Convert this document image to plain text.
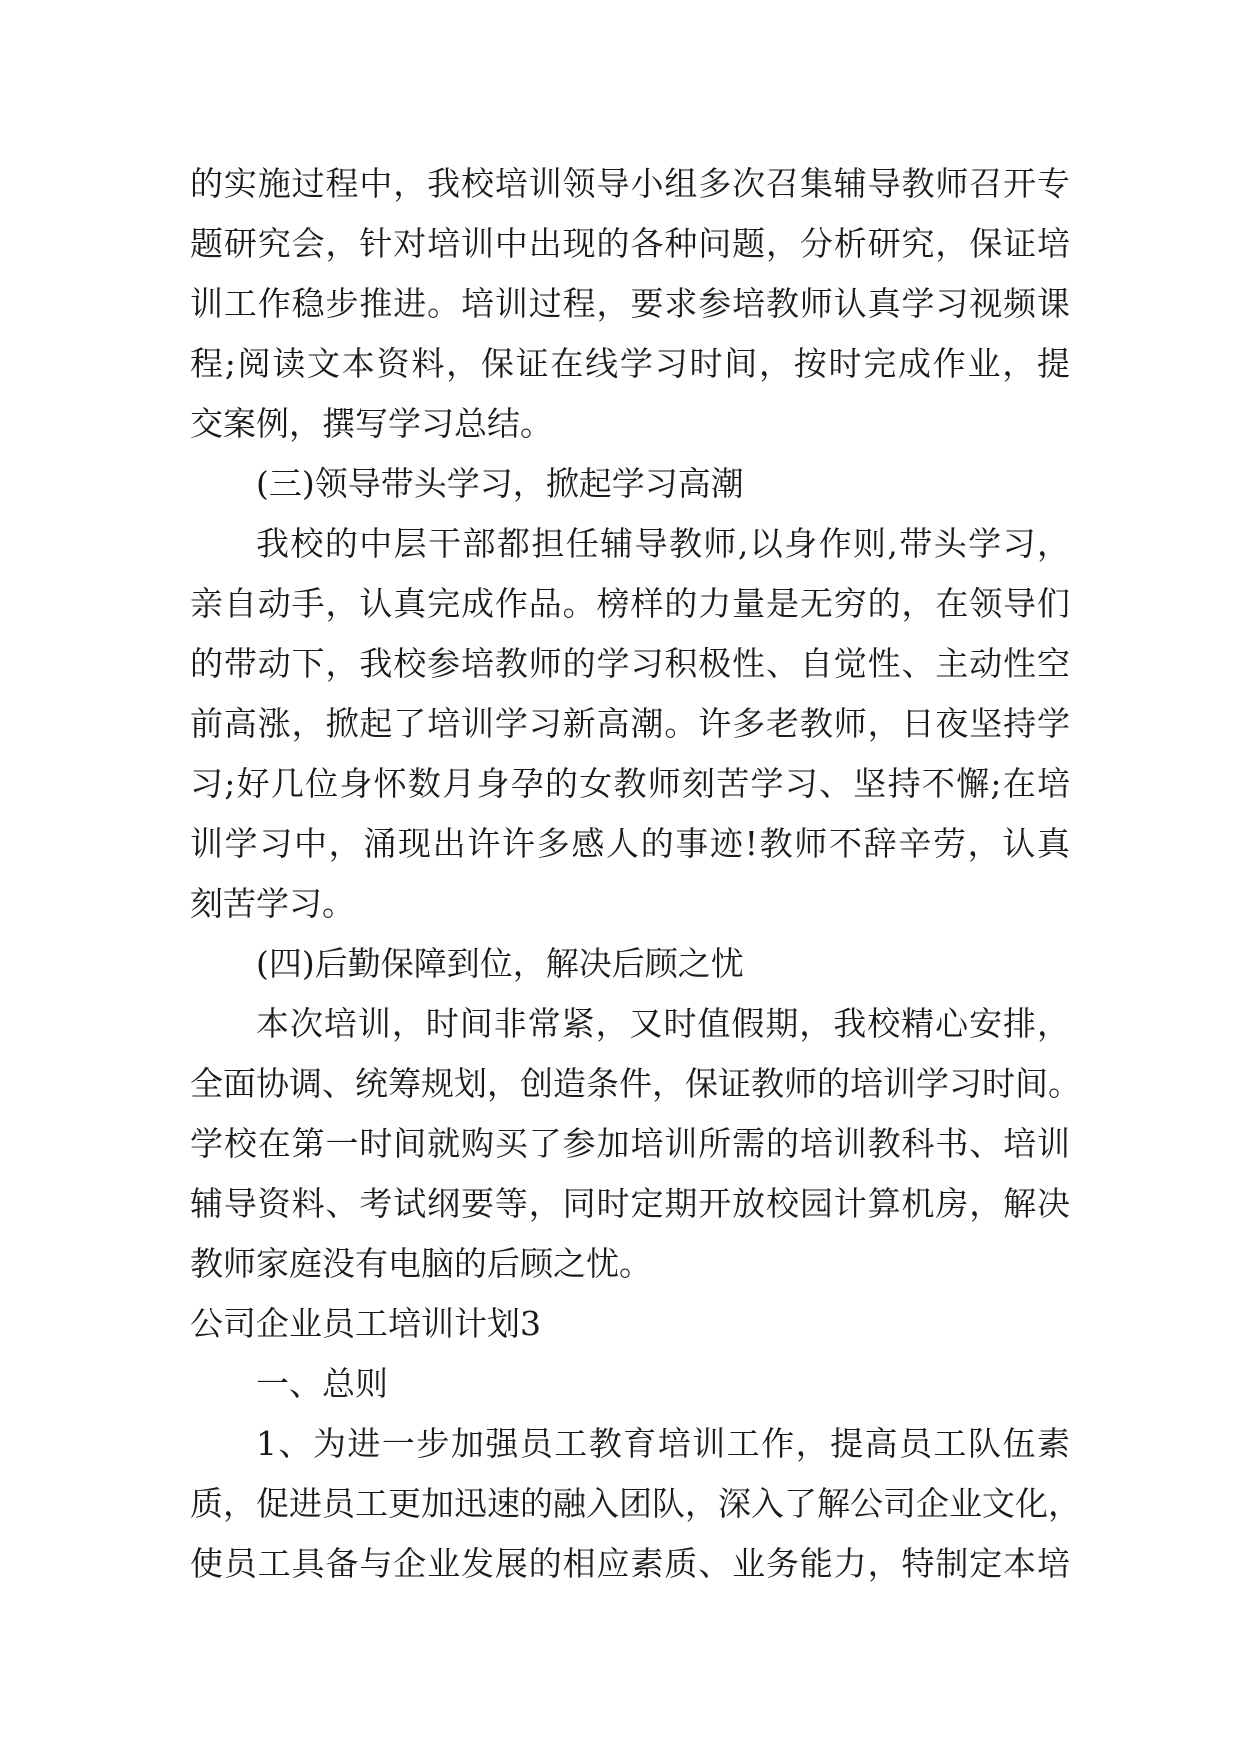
的实施过程中，我校培训领导小组多次召集辅导教师召开专
题研究会，针对培训中出现的各种问题，分析研究，保证培
训工作稳步推进。培训过程，要求参培教师认真学习视频课
程;阅读文本资料，保证在线学习时间，按时完成作业，提
交案例，撰写学习总结。
(三)领导带头学习，掀起学习高潮
我校的中层干部都担任辅导教师,以身作则,带头学习，
亲自动手，认真完成作品。榜样的力量是无穷的，在领导们
的带动下，我校参培教师的学习积极性、自觉性、主动性空
前高涨，掀起了培训学习新高潮。许多老教师，日夜坚持学
习;好几位身怀数月身孕的女教师刻苦学习、坚持不懈;在培
训学习中，涌现出许许多感人的事迹!教师不辞辛劳，认真
刻苦学习。
(四)后勤保障到位，解决后顾之忧
本次培训，时间非常紧，又时值假期，我校精心安排，
全面协调、统筹规划，创造条件，保证教师的培训学习时间。
学校在第一时间就购买了参加培训所需的培训教科书、培训
辅导资料、考试纲要等，同时定期开放校园计算机房，解决
教师家庭没有电脑的后顾之忧。
公司企业员工培训计划3
一、总则
1、为进一步加强员工教育培训工作，提高员工队伍素
质，促进员工更加迅速的融入团队，深入了解公司企业文化，
使员工具备与企业发展的相应素质、业务能力，特制定本培
